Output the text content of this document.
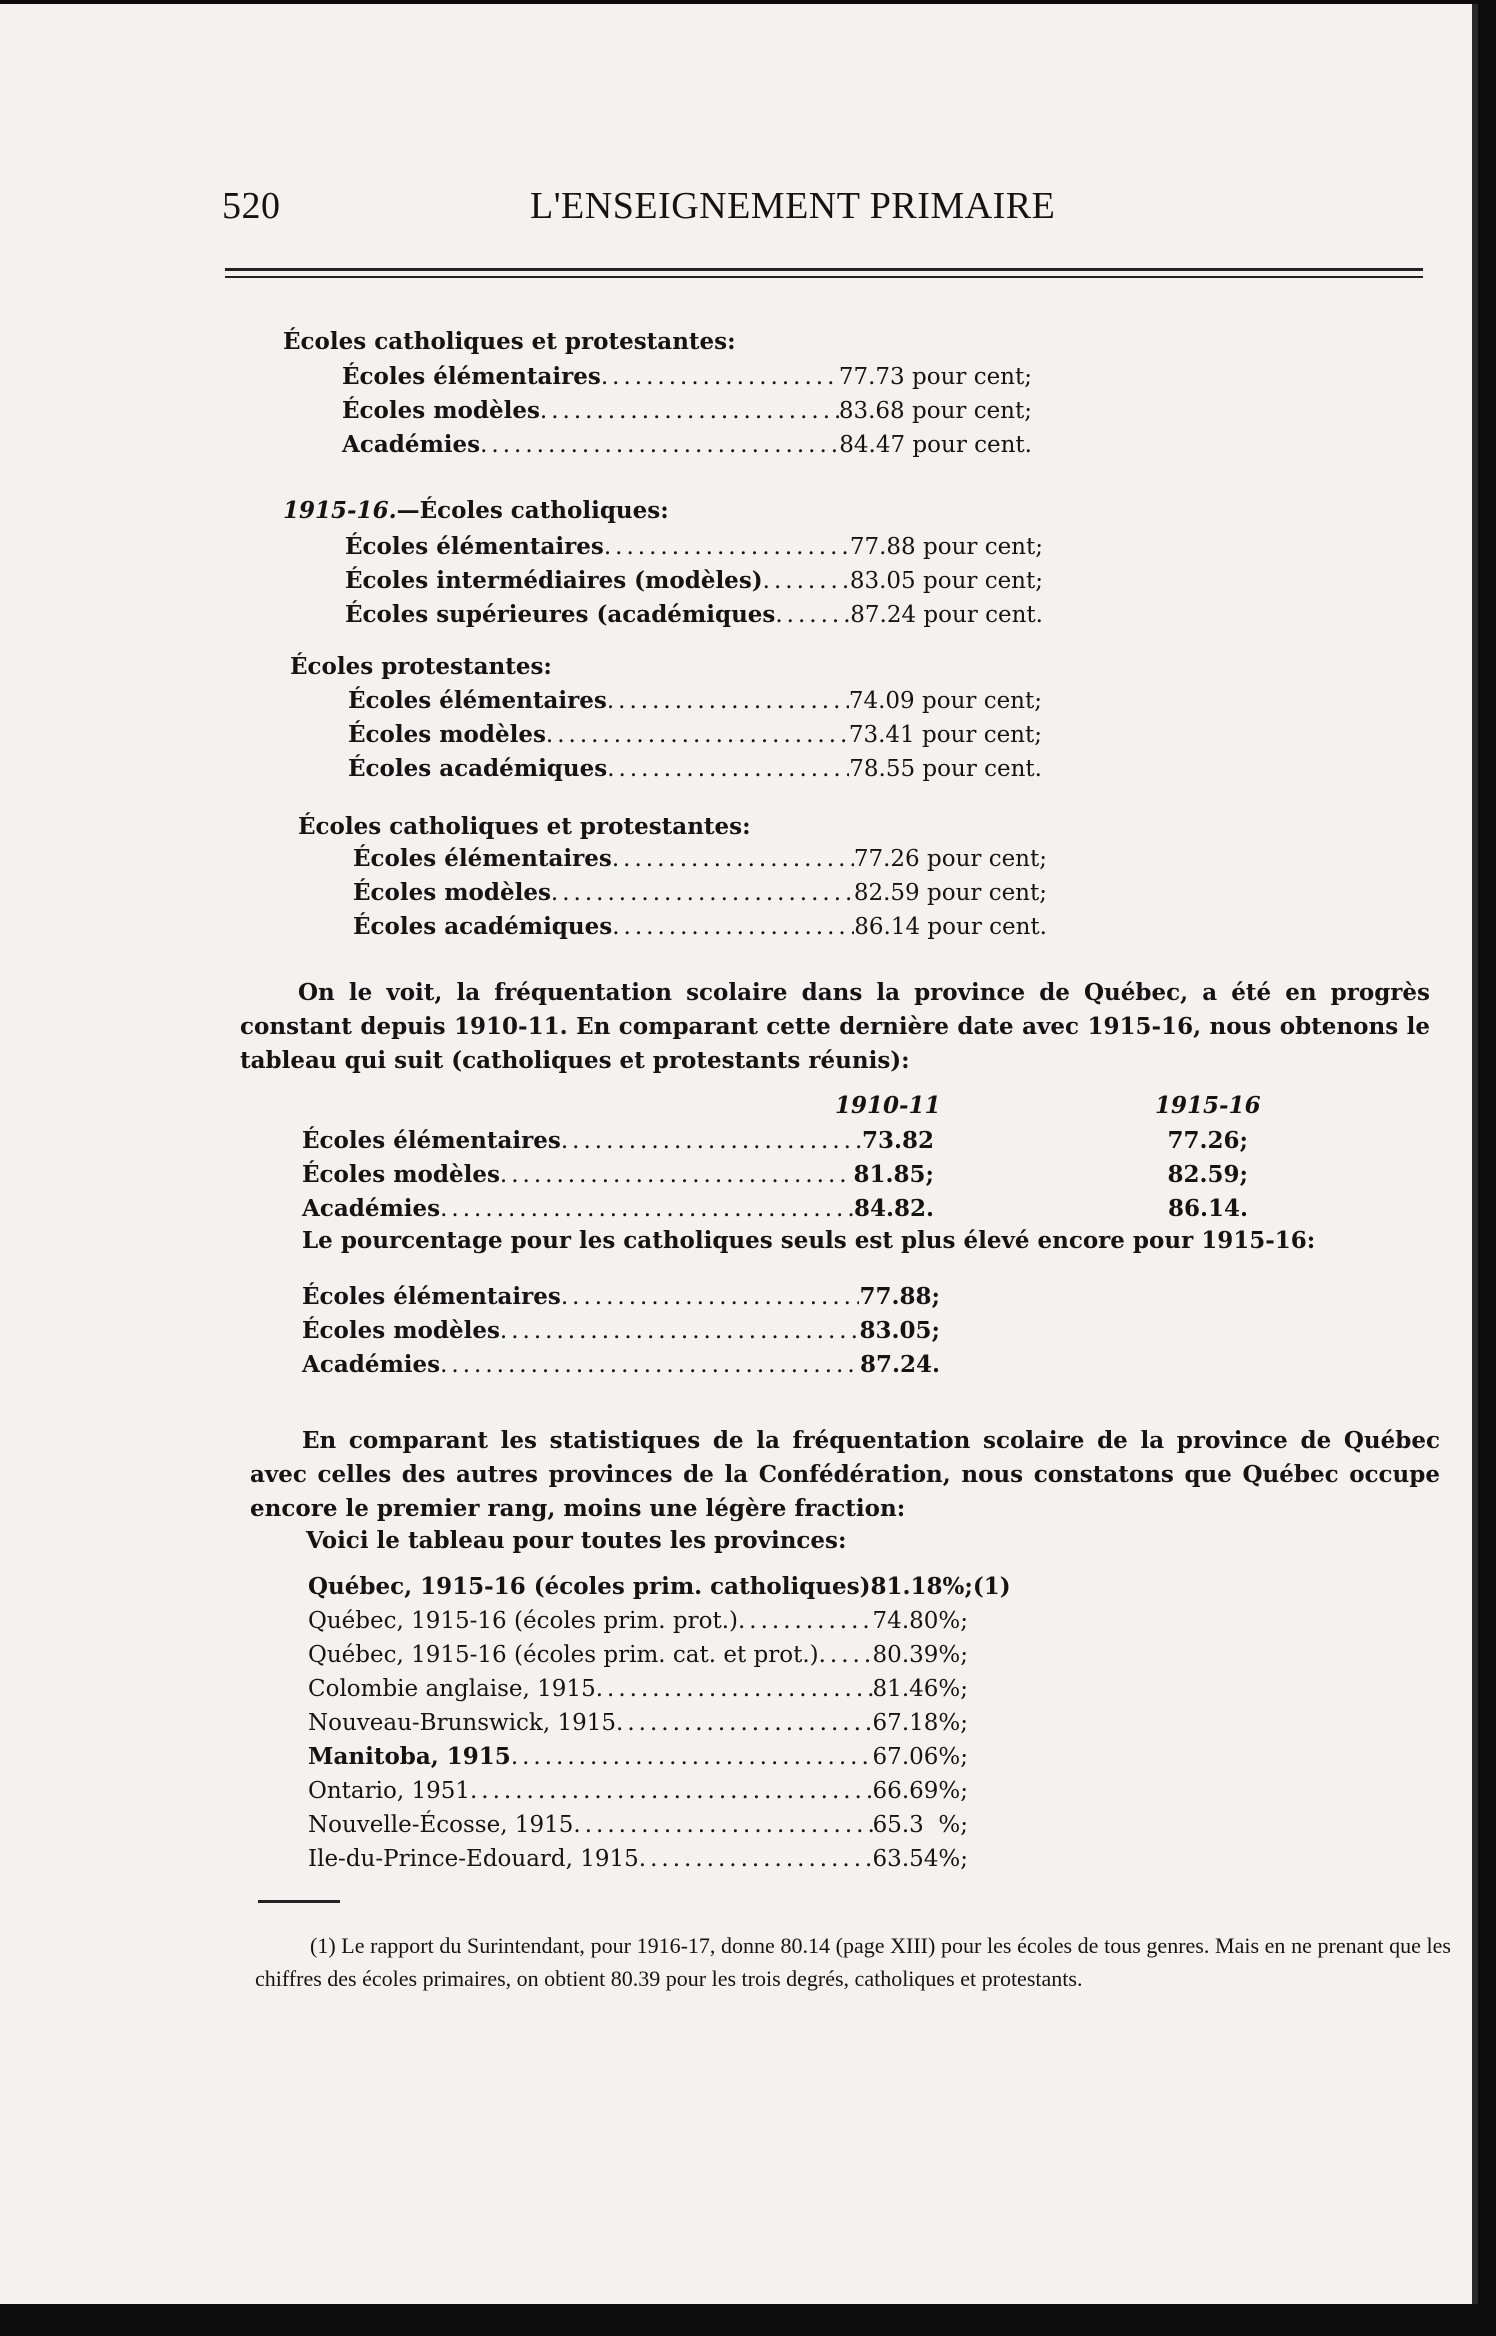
520	L'ENSEIGNEMENT PRIMAIRE
Écoles catholiques et protestantes:
Écoles élémentaires .....	77.73 pour cent;
Écoles modèles .....	83.68 pour cent;
Académies .....	84.47 pour cent.
1915-16.—Écoles catholiques:
Écoles élémentaires .....	77.88 pour cent;
Écoles intermédiaires (modèles) .....	83.05 pour cent;
Écoles supérieures (académiques .....	87.24 pour cent.
Écoles protestantes:
Écoles élémentaires .....	74.09 pour cent;
Écoles modèles .....	73.41 pour cent;
Écoles académiques .....	78.55 pour cent.
Écoles catholiques et protestantes:
Écoles élémentaires .....	77.26 pour cent;
Écoles modèles .....	82.59 pour cent;
Écoles académiques .....	86.14 pour cent.
On le voit, la fréquentation scolaire dans la province de Québec, a été en progrès constant depuis 1910-11. En comparant cette dernière date avec 1915-16, nous obtenons le tableau qui suit (catholiques et protestants réunis):
1910-11	1915-16
Écoles élémentaires .....	73.82	77.26;
Écoles modèles .....	81.85;	82.59;
Académies .....	84.82.	86.14.
Le pourcentage pour les catholiques seuls est plus élevé encore pour 1915-16:
Écoles élémentaires .....	77.88;
Écoles modèles .....	83.05;
Académies .....	87.24.
En comparant les statistiques de la fréquentation scolaire de la province de Québec avec celles des autres provinces de la Confédération, nous constatons que Québec occupe encore le premier rang, moins une légère fraction:
Voici le tableau pour toutes les provinces:
Québec, 1915-16 (écoles prim. catholiques) 81.18%;(1)
Québec, 1915-16 (écoles prim. prot.) .....	74.80%;
Québec, 1915-16 (écoles prim. cat. et prot.) ..... 80.39%;
Colombie anglaise, 1915 .....	81.46%;
Nouveau-Brunswick, 1915 .....	67.18%;
Manitoba, 1915 .....	67.06%;
Ontario, 1951 .....	66.69%;
Nouvelle-Écosse, 1915 .....	65.3  %;
Ile-du-Prince-Edouard, 1915 .....	63.54%;
(1) Le rapport du Surintendant, pour 1916-17, donne 80.14 (page XIII) pour les écoles de tous genres. Mais en ne prenant que les chiffres des écoles primaires, on obtient 80.39 pour les trois degrés, catholiques et protestants.
